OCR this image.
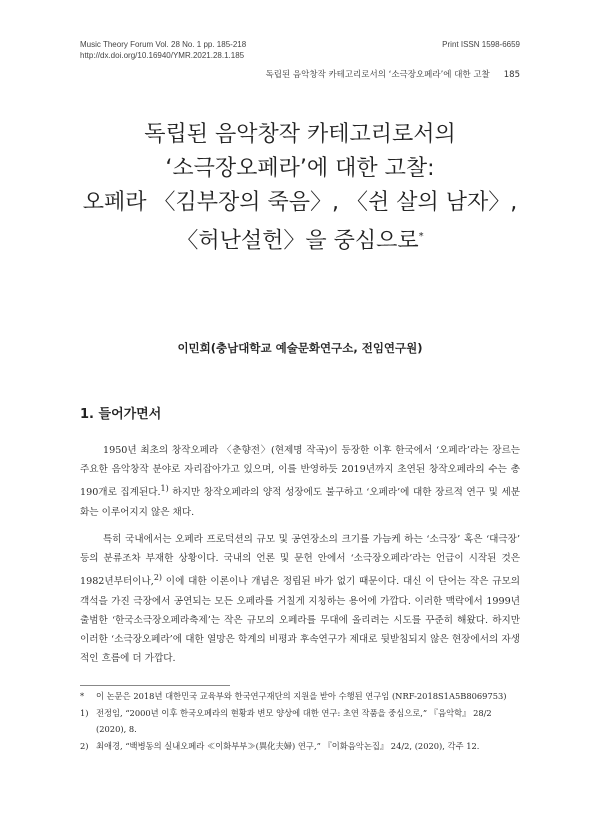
Music Theory Forum Vol. 28 No. 1 pp. 185-218
http://dx.doi.org/10.16940/YMR.2021.28.1.185
Print ISSN 1598-6659
독립된 음악창작 카테고리로서의 ‘소극장오페라’에 대한 고찰 185
독립된 음악창작 카테고리로서의
‘소극장오페라’에 대한 고찰:
오페라 〈김부장의 죽음〉, 〈쉰 살의 남자〉,
〈허난설헌〉을 중심으로*
이민희(충남대학교 예술문화연구소, 전임연구원)
1. 들어가면서

1950년 최초의 창작오페라 〈춘향전〉(현제명 작곡)이 등장한 이후 한국에서 ‘오페라’라는 장르는 주요한 음악창작 분야로 자리잡아가고 있으며, 이를 반영하듯 2019년까지 초연된 창작오페라의 수는 총 190개로 집계된다.$^{1)}$ 하지만 창작오페라의 양적 성장에도 불구하고 ‘오페라’에 대한 장르적 연구 및 세분화는 이루어지지 않은 채다.

특히 국내에서는 오페라 프로덕션의 규모 및 공연장소의 크기를 가늠케 하는 ‘소극장’ 혹은 ‘대극장’ 등의 분류조차 부재한 상황이다. 국내의 언론 및 문헌 안에서 ‘소극장오페라’라는 언급이 시작된 것은 1982년부터이나,$^{2)}$ 이에 대한 이론이나 개념은 정립된 바가 없기 때문이다. 대신 이 단어는 작은 규모의 객석을 가진 극장에서 공연되는 모든 오페라를 거칠게 지칭하는 용어에 가깝다. 이러한 맥락에서 1999년 출범한 ‘한국소극장오페라축제’는 작은 규모의 오페라를 무대에 올리려는 시도를 꾸준히 해왔다. 하지만 이러한 ‘소극장오페라’에 대한 열망은 학계의 비평과 후속연구가 제대로 뒷받침되지 않은 현장에서의 자생적인 흐름에 더 가깝다.

* 이 논문은 2018년 대한민국 교육부와 한국연구재단의 지원을 받아 수행된 연구임 (NRF-2018S1A5B8069753)
1) 전정임, “2000년 이후 한국오페라의 현황과 변모 양상에 대한 연구: 초연 작품을 중심으로,” 『음악학』 28/2 (2020), 8.
2) 최애경, “백병동의 실내오페라 ≪이화부부≫(異化夫婦) 연구,” 『이화음악논집』 24/2, (2020), 각주 12.
